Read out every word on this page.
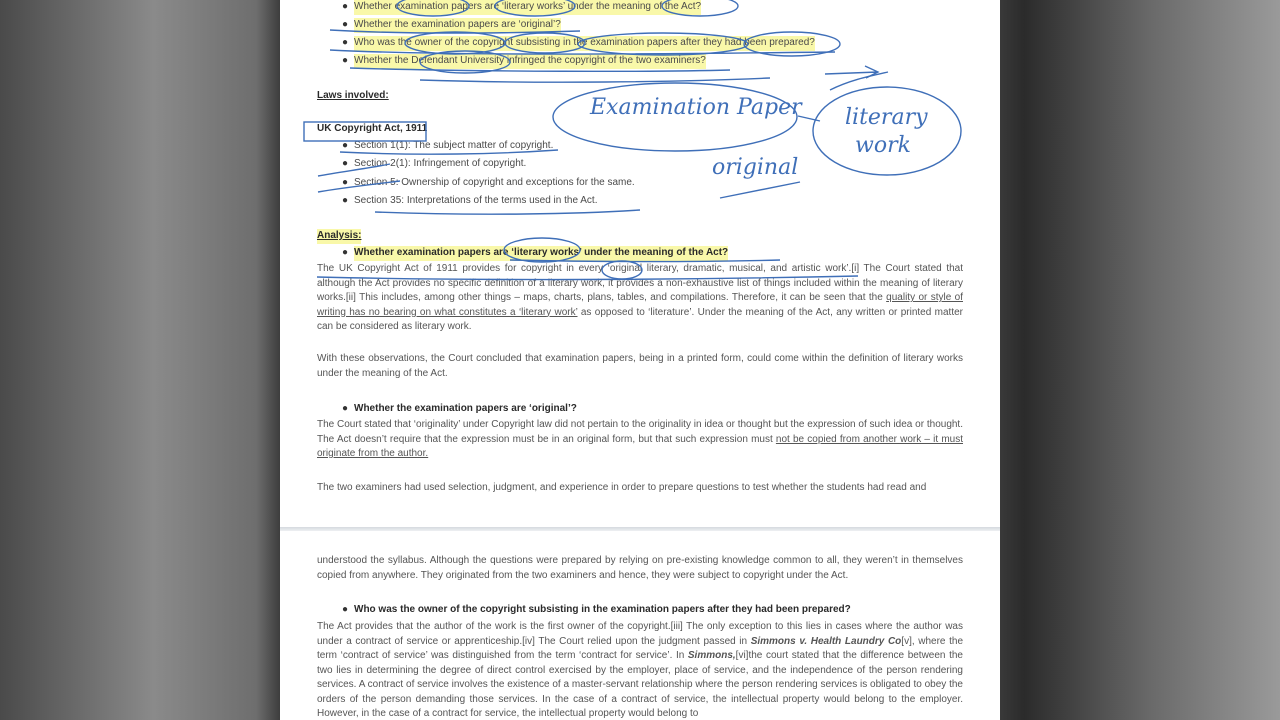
● Whether examination papers are ‘literary works’ under the meaning of the Act?
● Whether the examination papers are ‘original’?
● Who was the owner of the copyright subsisting in the examination papers after they had been prepared?
● Whether the Defendant University infringed the copyright of the two examiners?
Laws involved:
UK Copyright Act, 1911
● Section 1(1): The subject matter of copyright.
● Section 2(1): Infringement of copyright.
● Section 5: Ownership of copyright and exceptions for the same.
● Section 35: Interpretations of the terms used in the Act.
Analysis:
● Whether examination papers are ‘literary works’ under the meaning of the Act?
The UK Copyright Act of 1911 provides for copyright in every ‘original literary, dramatic, musical, and artistic work’.[i] The Court stated that although the Act provides no specific definition of a literary work, it provides a non-exhaustive list of things included within the meaning of literary works.[ii] This includes, among other things – maps, charts, plans, tables, and compilations. Therefore, it can be seen that the quality or style of writing has no bearing on what constitutes a ‘literary work’ as opposed to ‘literature’. Under the meaning of the Act, any written or printed matter can be considered as literary work.
With these observations, the Court concluded that examination papers, being in a printed form, could come within the definition of literary works under the meaning of the Act.
● Whether the examination papers are ‘original’?
The Court stated that ‘originality’ under Copyright law did not pertain to the originality in idea or thought but the expression of such idea or thought. The Act doesn’t require that the expression must be in an original form, but that such expression must not be copied from another work – it must originate from the author.
The two examiners had used selection, judgment, and experience in order to prepare questions to test whether the students had read and
understood the syllabus. Although the questions were prepared by relying on pre-existing knowledge common to all, they weren’t in themselves copied from anywhere. They originated from the two examiners and hence, they were subject to copyright under the Act.
● Who was the owner of the copyright subsisting in the examination papers after they had been prepared?
The Act provides that the author of the work is the first owner of the copyright.[iii] The only exception to this lies in cases where the author was under a contract of service or apprenticeship.[iv] The Court relied upon the judgment passed in Simmons v. Health Laundry Co[v], where the term ‘contract of service’ was distinguished from the term ‘contract for service’. In Simmons,[vi]the court stated that the difference between the two lies in determining the degree of direct control exercised by the employer, place of service, and the independence of the person rendering services. A contract of service involves the existence of a master-servant relationship where the person rendering services is obligated to obey the orders of the person demanding those services. In the case of a contract of service, the intellectual property would belong to the employer. However, in the case of a contract for service, the intellectual property would belong to
Examination Paper literary
work
original
